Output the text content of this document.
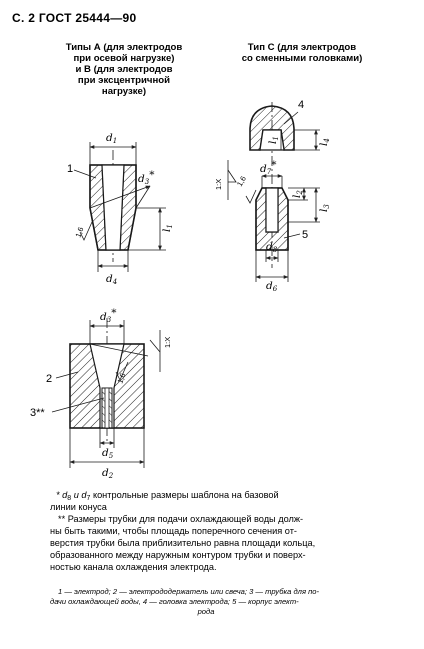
С. 2 ГОСТ 25444—90
Типы А (для электродов
при осевой нагрузке)
и В (для электродов
при эксцентричной
нагрузке)
Тип С (для электродов
со сменными головками)
d1
d3*
d4
l1
1,6
1
4
l4
l1
d7*
l2
l3
d8
d6
1:X 1,6
5
d3*
1:X
1,6
d5
d2
2
3**
* $d_8$ и $d_7$ контрольные размеры шаблона на базовой
линии конуса
** Размеры трубки для подачи охлаждающей воды долж-
ны быть такими, чтобы площадь поперечного сечения от-
верстия трубки была приблизительно равна площади кольца,
образованного между наружным контуром трубки и поверх-
ностью канала охлаждения электрода.
1 — электрод; 2 — электрододержатель или свеча; 3 — трубка для по-
дачи охлаждающей воды, 4 — головка электрода; 5 — корпус элект-
рода
